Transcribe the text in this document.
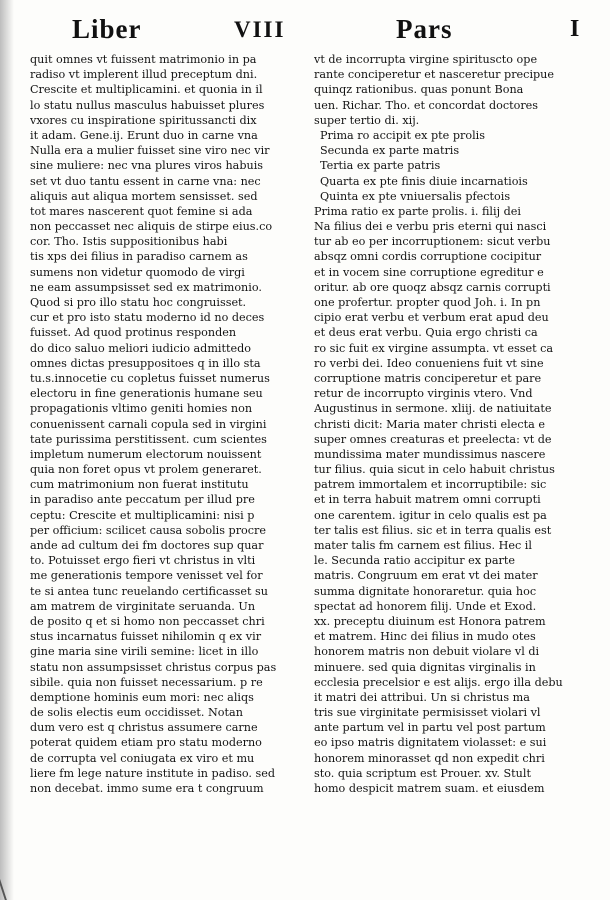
Liber	VIII	Pars	I
quit omnes vt fuissent matrimonio in pa
radiso vt implerent illud preceptum dni.
Crescite et multiplicamini. et quonia in il
lo statu nullus masculus habuisset plures
vxores cu inspiratione spiritussancti dix
it adam. Gene.ij. Erunt duo in carne vna
Nulla era a mulier fuisset sine viro nec vir
sine muliere: nec vna plures viros habuis
set vt duo tantu essent in carne vna: nec
aliquis aut aliqua mortem sensisset. sed
tot mares nascerent quot femine si ada
non peccasset nec aliquis de stirpe eius.co
cor. Tho. Istis suppositionibus habi
tis xps dei filius in paradiso carnem as
sumens non videtur quomodo de virgi
ne eam assumpsisset sed ex matrimonio.
Quod si pro illo statu hoc congruisset.
cur et pro isto statu moderno id no deces
fuisset. Ad quod protinus responden
do dico saluo meliori iudicio admittedo
omnes dictas presuppositoes q in illo sta
tu.s.innocetie cu copletus fuisset numerus
electoru in fine generationis humane seu
propagationis vltimo geniti homies non
conuenissent carnali copula sed in virgini
tate purissima perstitissent. cum scientes
impletum numerum electorum nouissent
quia non foret opus vt prolem generaret.
cum matrimonium non fuerat institutu
in paradiso ante peccatum per illud pre
ceptu: Crescite et multiplicamini: nisi p
per officium: scilicet causa sobolis procre
ande ad cultum dei fm doctores sup quar
to. Potuisset ergo fieri vt christus in vlti
me generationis tempore venisset vel for
te si antea tunc reuelando certificasset su
am matrem de virginitate seruanda. Un
de posito q et si homo non peccasset chri
stus incarnatus fuisset nihilomin q ex vir
gine maria sine virili semine: licet in illo
statu non assumpsisset christus corpus pas
sibile. quia non fuisset necessarium. p re
demptione hominis eum mori: nec aliqs
de solis electis eum occidisset. Notan
dum vero est q christus assumere carne
poterat quidem etiam pro statu moderno
de corrupta vel coniugata ex viro et mu
liere fm lege nature institute in padiso. sed
non decebat. immo sume era t congruum
vt de incorrupta virgine spirituscto ope
rante conciperetur et nasceretur precipue
quinqz rationibus. quas ponunt Bona
uen. Richar. Tho. et concordat doctores
super tertio di. xij.
Prima ro accipit ex pte prolis
Secunda ex parte matris
Tertia ex parte patris
Quarta ex pte finis diuie incarnatiois
Quinta ex pte vniuersalis pfectois
Prima ratio ex parte prolis. i. filij dei
Na filius dei e verbu pris eterni qui nasci
tur ab eo per incorruptionem: sicut verbu
absqz omni cordis corruptione cocipitur
et in vocem sine corruptione egreditur e
oritur. ab ore quoqz absqz carnis corrupti
one profertur. propter quod Joh. i. In pn
cipio erat verbu et verbum erat apud deu
et deus erat verbu. Quia ergo christi ca
ro sic fuit ex virgine assumpta. vt esset ca
ro verbi dei. Ideo conueniens fuit vt sine
corruptione matris conciperetur et pare
retur de incorrupto virginis vtero. Vnd
Augustinus in sermone. xliij. de natiuitate
christi dicit: Maria mater christi electa e
super omnes creaturas et preelecta: vt de
mundissima mater mundissimus nascere
tur filius. quia sicut in celo habuit christus
patrem immortalem et incorruptibile: sic
et in terra habuit matrem omni corrupti
one carentem. igitur in celo qualis est pa
ter talis est filius. sic et in terra qualis est
mater talis fm carnem est filius. Hec il
le. Secunda ratio accipitur ex parte
matris. Congruum em erat vt dei mater
summa dignitate honoraretur. quia hoc
spectat ad honorem filij. Unde et Exod.
xx. preceptu diuinum est Honora patrem
et matrem. Hinc dei filius in mudo otes
honorem matris non debuit violare vl di
minuere. sed quia dignitas virginalis in
ecclesia precelsior e est alijs. ergo illa debu
it matri dei attribui. Un si christus ma
tris sue virginitate permisisset violari vl
ante partum vel in partu vel post partum
eo ipso matris dignitatem violasset: e sui
honorem minorasset qd non expedit chri
sto. quia scriptum est Prouer. xv. Stult
homo despicit matrem suam. et eiusdem
